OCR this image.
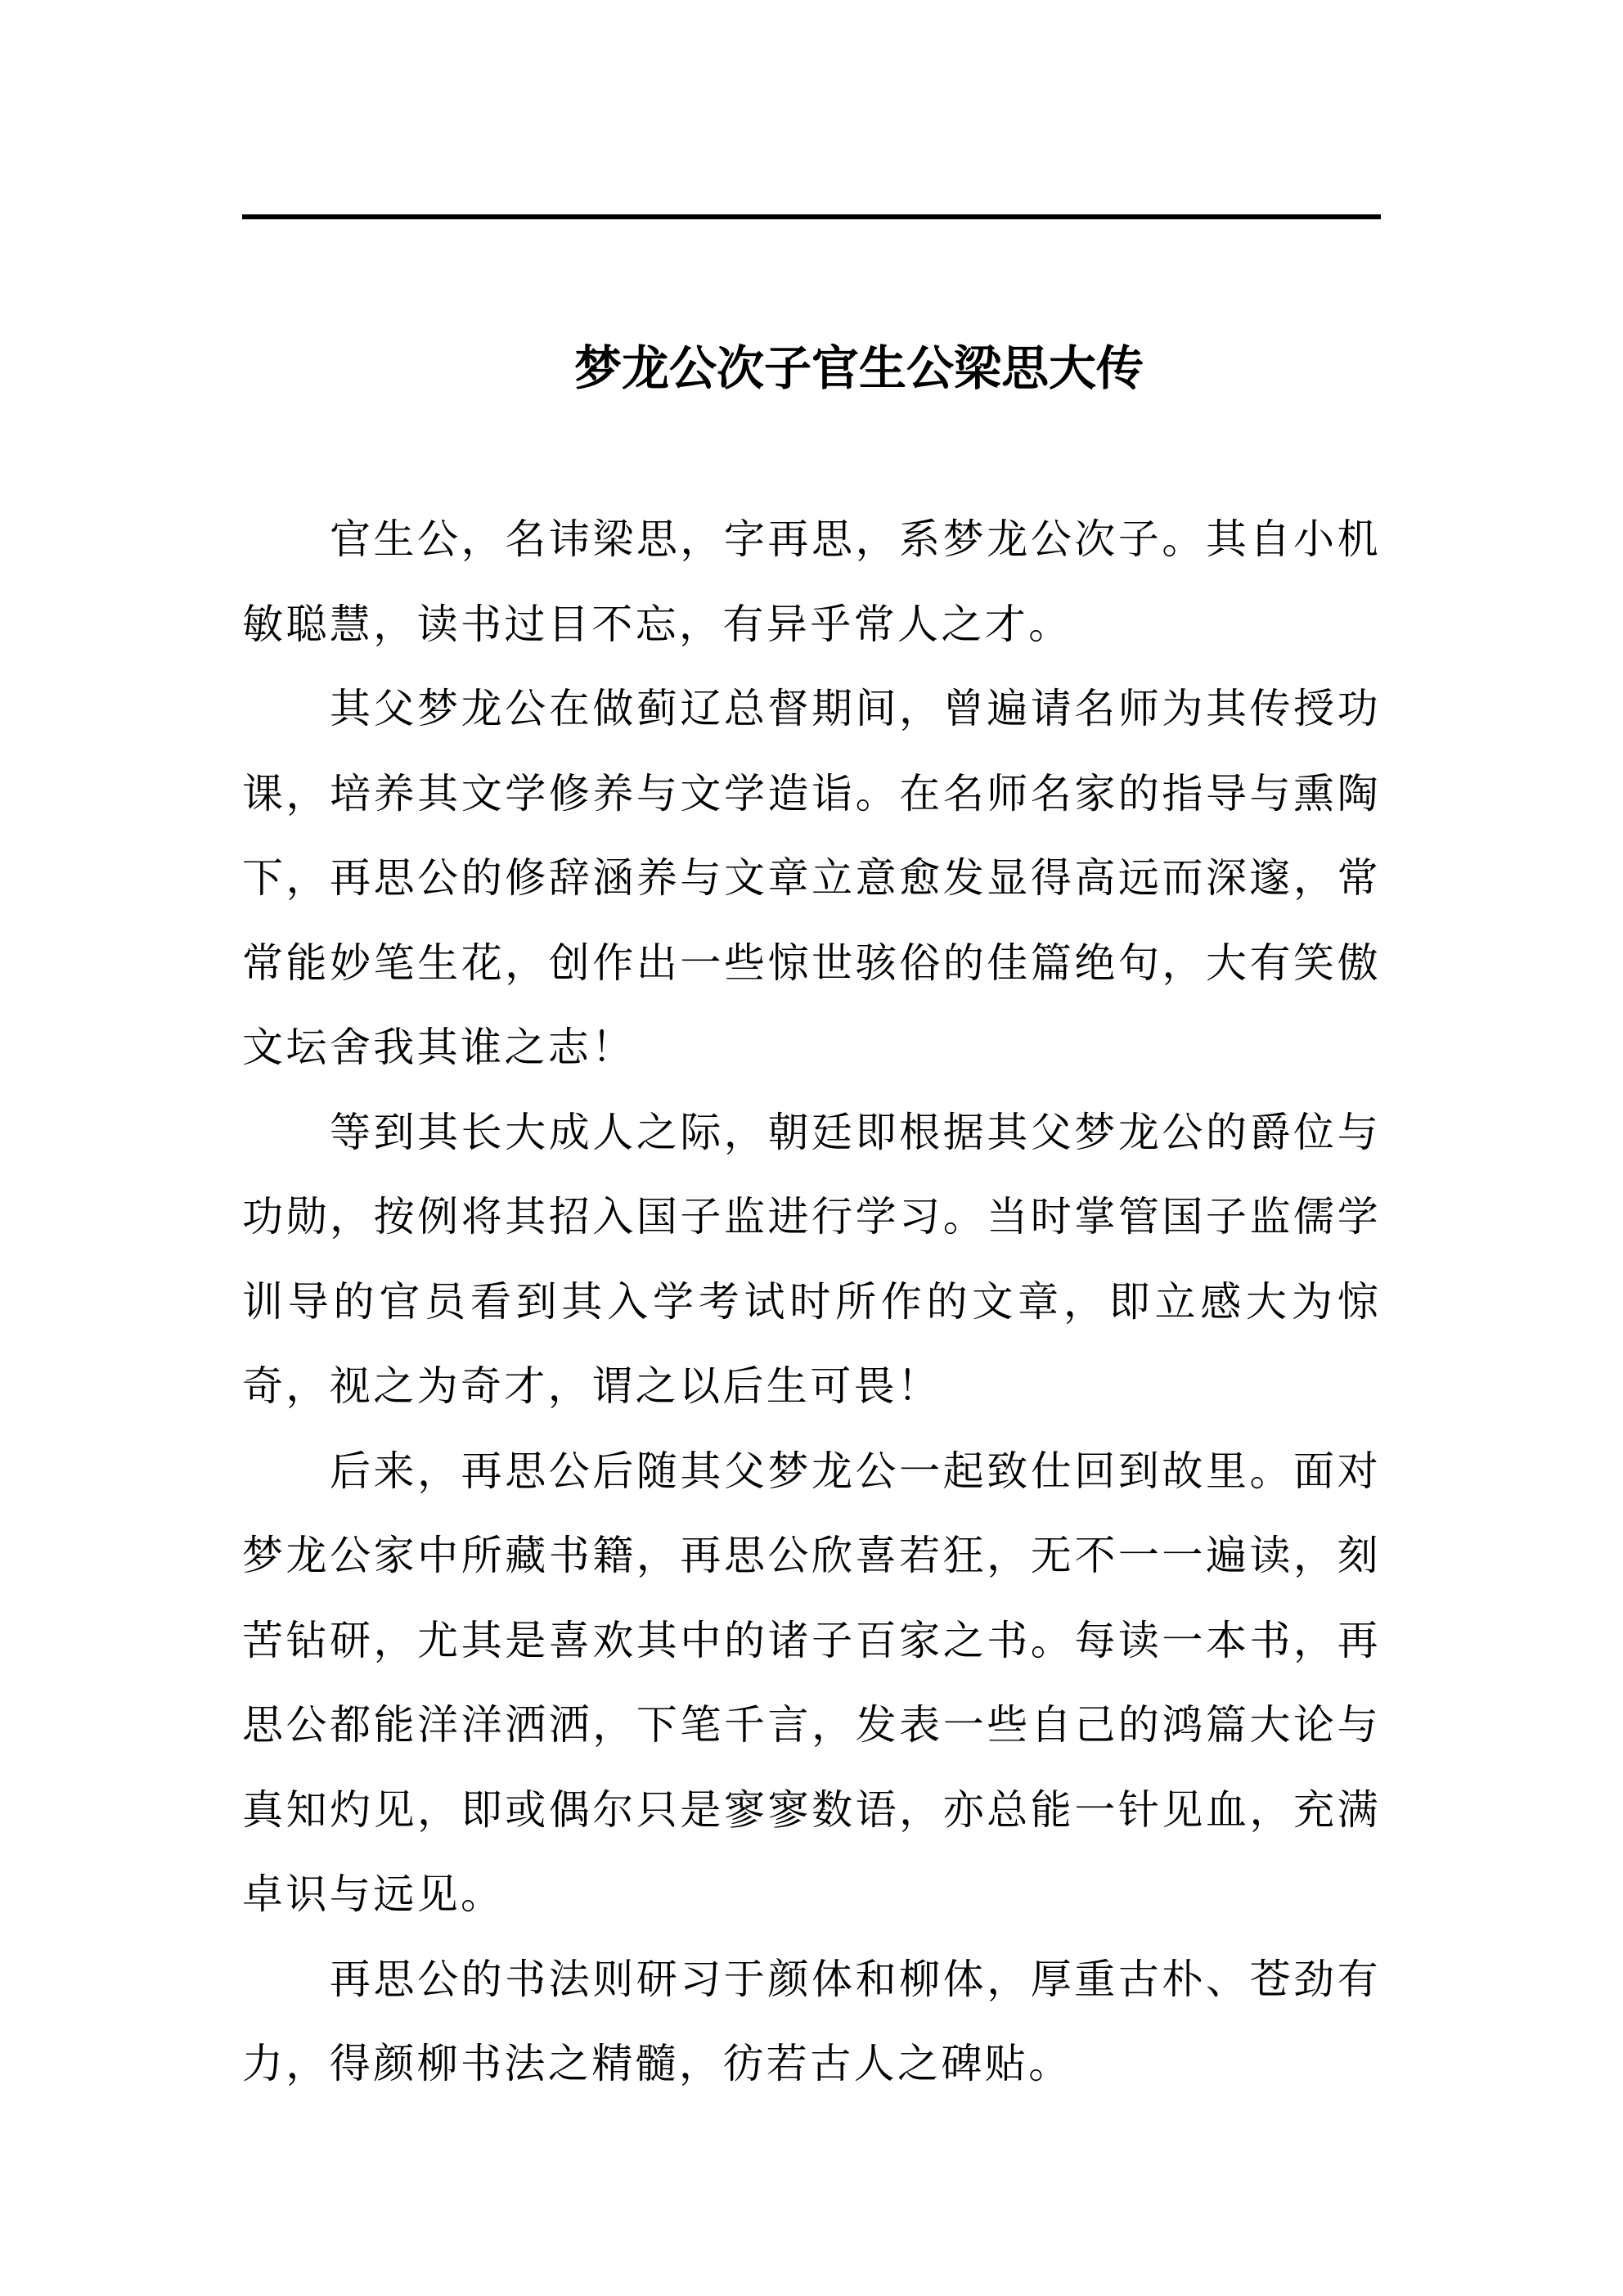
梦龙公次子官生公梁思大传

官生公，名讳梁思，字再思，系梦龙公次子。其自小机敏聪慧，读书过目不忘，有异乎常人之才。

其父梦龙公在做蓟辽总督期间，曾遍请名师为其传授功课，培养其文学修养与文学造诣。在名师名家的指导与熏陶下，再思公的修辞涵养与文章立意愈发显得高远而深邃，常常能妙笔生花，创作出一些惊世骇俗的佳篇绝句，大有笑傲文坛舍我其谁之志！

等到其长大成人之际，朝廷即根据其父梦龙公的爵位与功勋，按例将其招入国子监进行学习。当时掌管国子监儒学训导的官员看到其入学考试时所作的文章，即立感大为惊奇，视之为奇才，谓之以后生可畏！

后来，再思公后随其父梦龙公一起致仕回到故里。面对梦龙公家中所藏书籍，再思公欣喜若狂，无不一一遍读，刻苦钻研，尤其是喜欢其中的诸子百家之书。每读一本书，再思公都能洋洋洒洒，下笔千言，发表一些自己的鸿篇大论与真知灼见，即或偶尔只是寥寥数语，亦总能一针见血，充满卓识与远见。

再思公的书法则研习于颜体和柳体，厚重古朴、苍劲有力，得颜柳书法之精髓，彷若古人之碑贴。
